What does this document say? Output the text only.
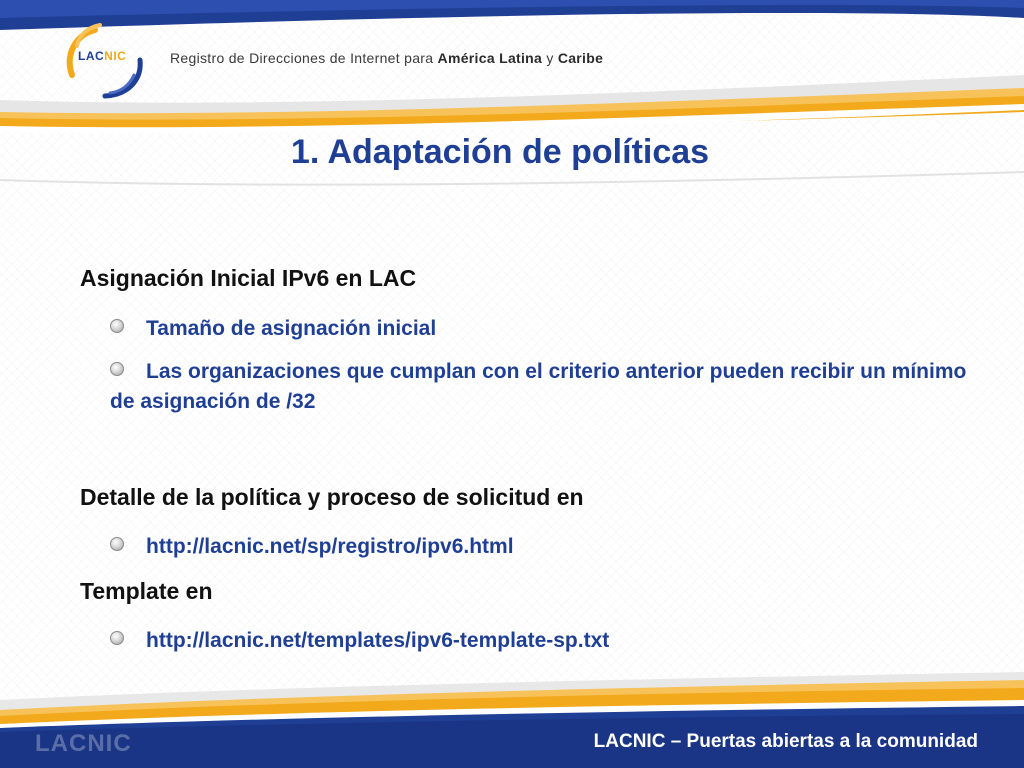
LACNIC	Registro de Direcciones de Internet para América Latina y Caribe
1. Adaptación de políticas
Asignación Inicial IPv6 en LAC
Tamaño de asignación inicial
Las organizaciones que cumplan con el criterio anterior pueden recibir un mínimo de asignación de /32
Detalle de la política y proceso de solicitud en
http://lacnic.net/sp/registro/ipv6.html
Template en
http://lacnic.net/templates/ipv6-template-sp.txt
LACNIC	LACNIC – Puertas abiertas a la comunidad
